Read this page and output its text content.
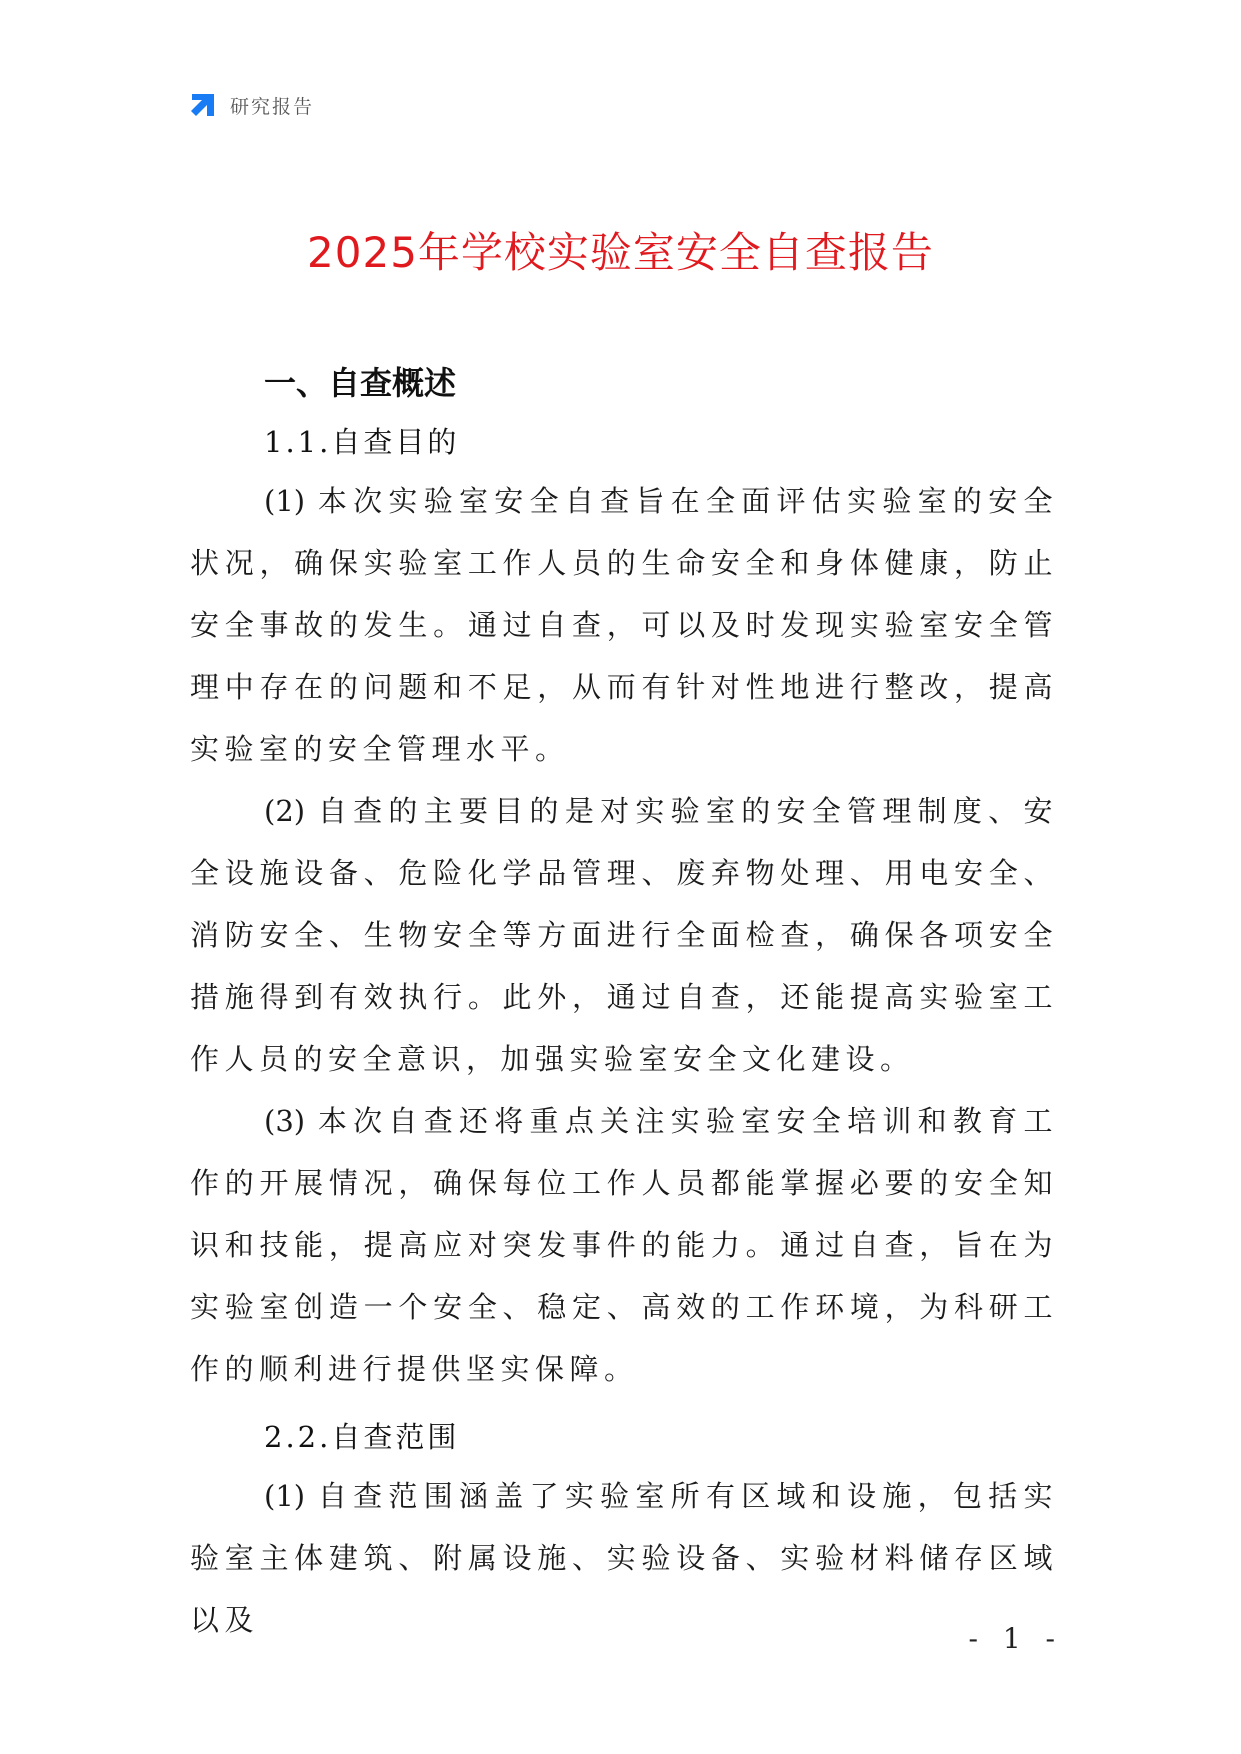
研究报告
2025年学校实验室安全自查报告
一、自查概述
1.1.自查目的
(1) 本次实验室安全自查旨在全面评估实验室的安全状况，确保实验室工作人员的生命安全和身体健康，防止安全事故的发生。通过自查，可以及时发现实验室安全管理中存在的问题和不足，从而有针对性地进行整改，提高实验室的安全管理水平。
(2) 自查的主要目的是对实验室的安全管理制度、安全设施设备、危险化学品管理、废弃物处理、用电安全、消防安全、生物安全等方面进行全面检查，确保各项安全措施得到有效执行。此外，通过自查，还能提高实验室工作人员的安全意识，加强实验室安全文化建设。
(3) 本次自查还将重点关注实验室安全培训和教育工作的开展情况，确保每位工作人员都能掌握必要的安全知识和技能，提高应对突发事件的能力。通过自查，旨在为实验室创造一个安全、稳定、高效的工作环境，为科研工作的顺利进行提供坚实保障。
2.2.自查范围
(1) 自查范围涵盖了实验室所有区域和设施，包括实验室主体建筑、附属设施、实验设备、实验材料储存区域以及
- 1 -
